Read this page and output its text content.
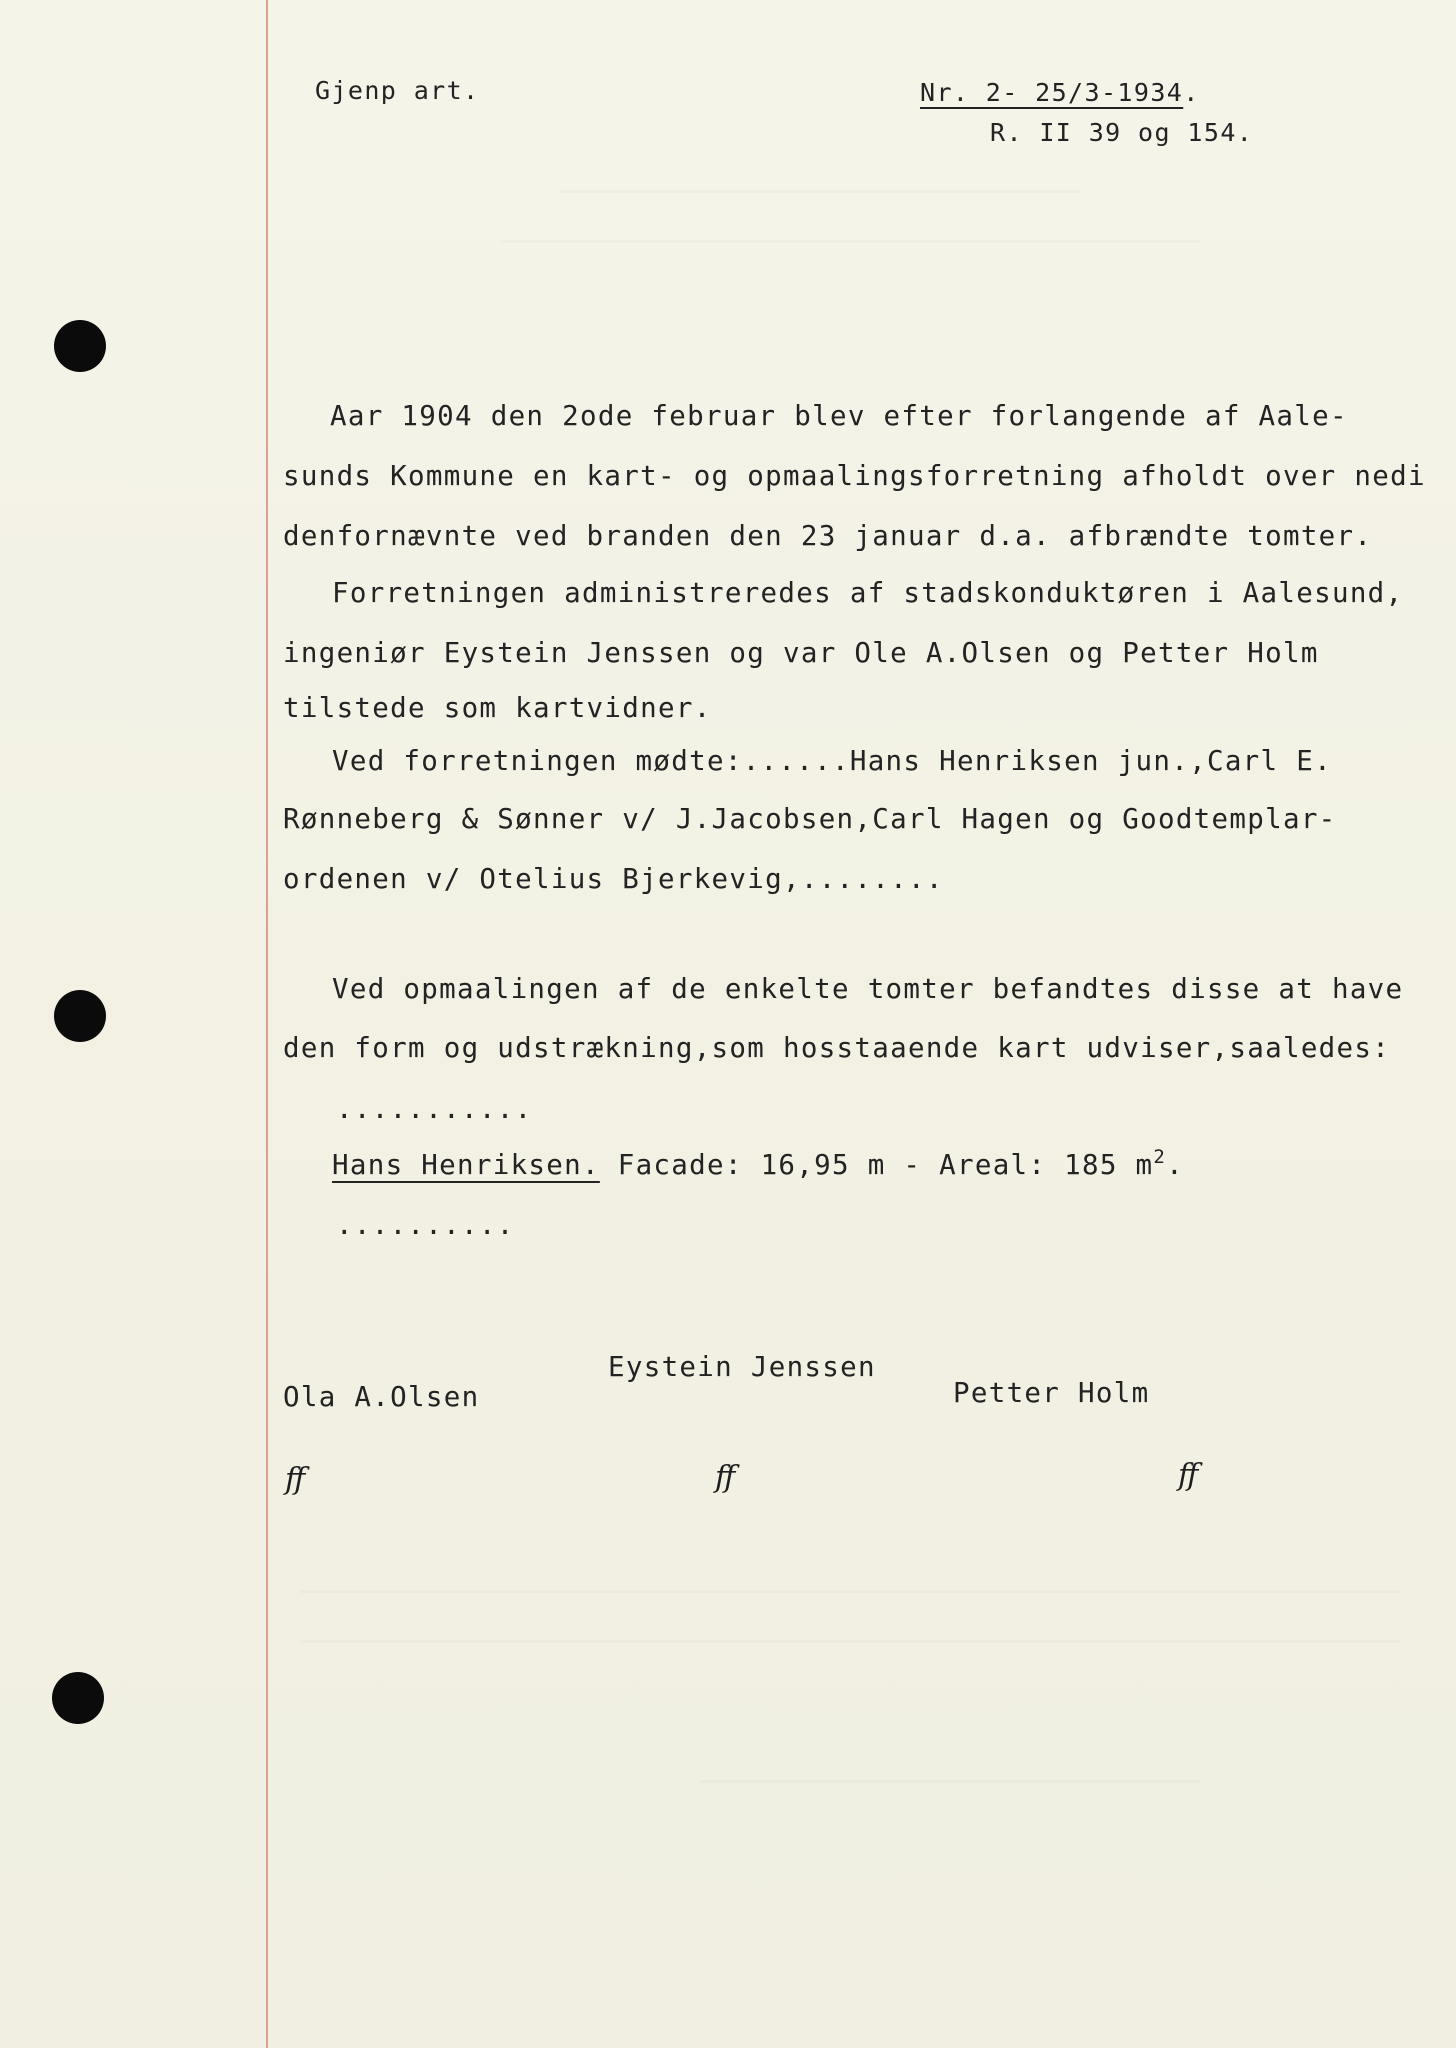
Gjenp art.	Nr. 2- 25/3-1934.
R. II 39 og 154.
Aar 1904 den 2ode februar blev efter forlangende af Aale-
sunds Kommune en kart- og opmaalingsforretning afholdt over nedi
denfornævnte ved branden den 23 januar d.a. afbrændte tomter.
Forretningen administreredes af stadskonduktøren i Aalesund,
ingeniør Eystein Jenssen og var Ole A.Olsen og Petter Holm
tilstede som kartvidner.
Ved forretningen mødte:......Hans Henriksen jun.,Carl E.
Rønneberg & Sønner v/ J.Jacobsen,Carl Hagen og Goodtemplar-
ordenen v/ Otelius Bjerkevig,........
Ved opmaalingen af de enkelte tomter befandtes disse at have
den form og udstrækning,som hosstaaende kart udviser,saaledes:
...........
Hans Henriksen. Facade: 16,95 m - Areal: 185 $m^2$.
..........
Ola A.Olsen
Eystein Jenssen
Petter Holm
ff	ff	ff
